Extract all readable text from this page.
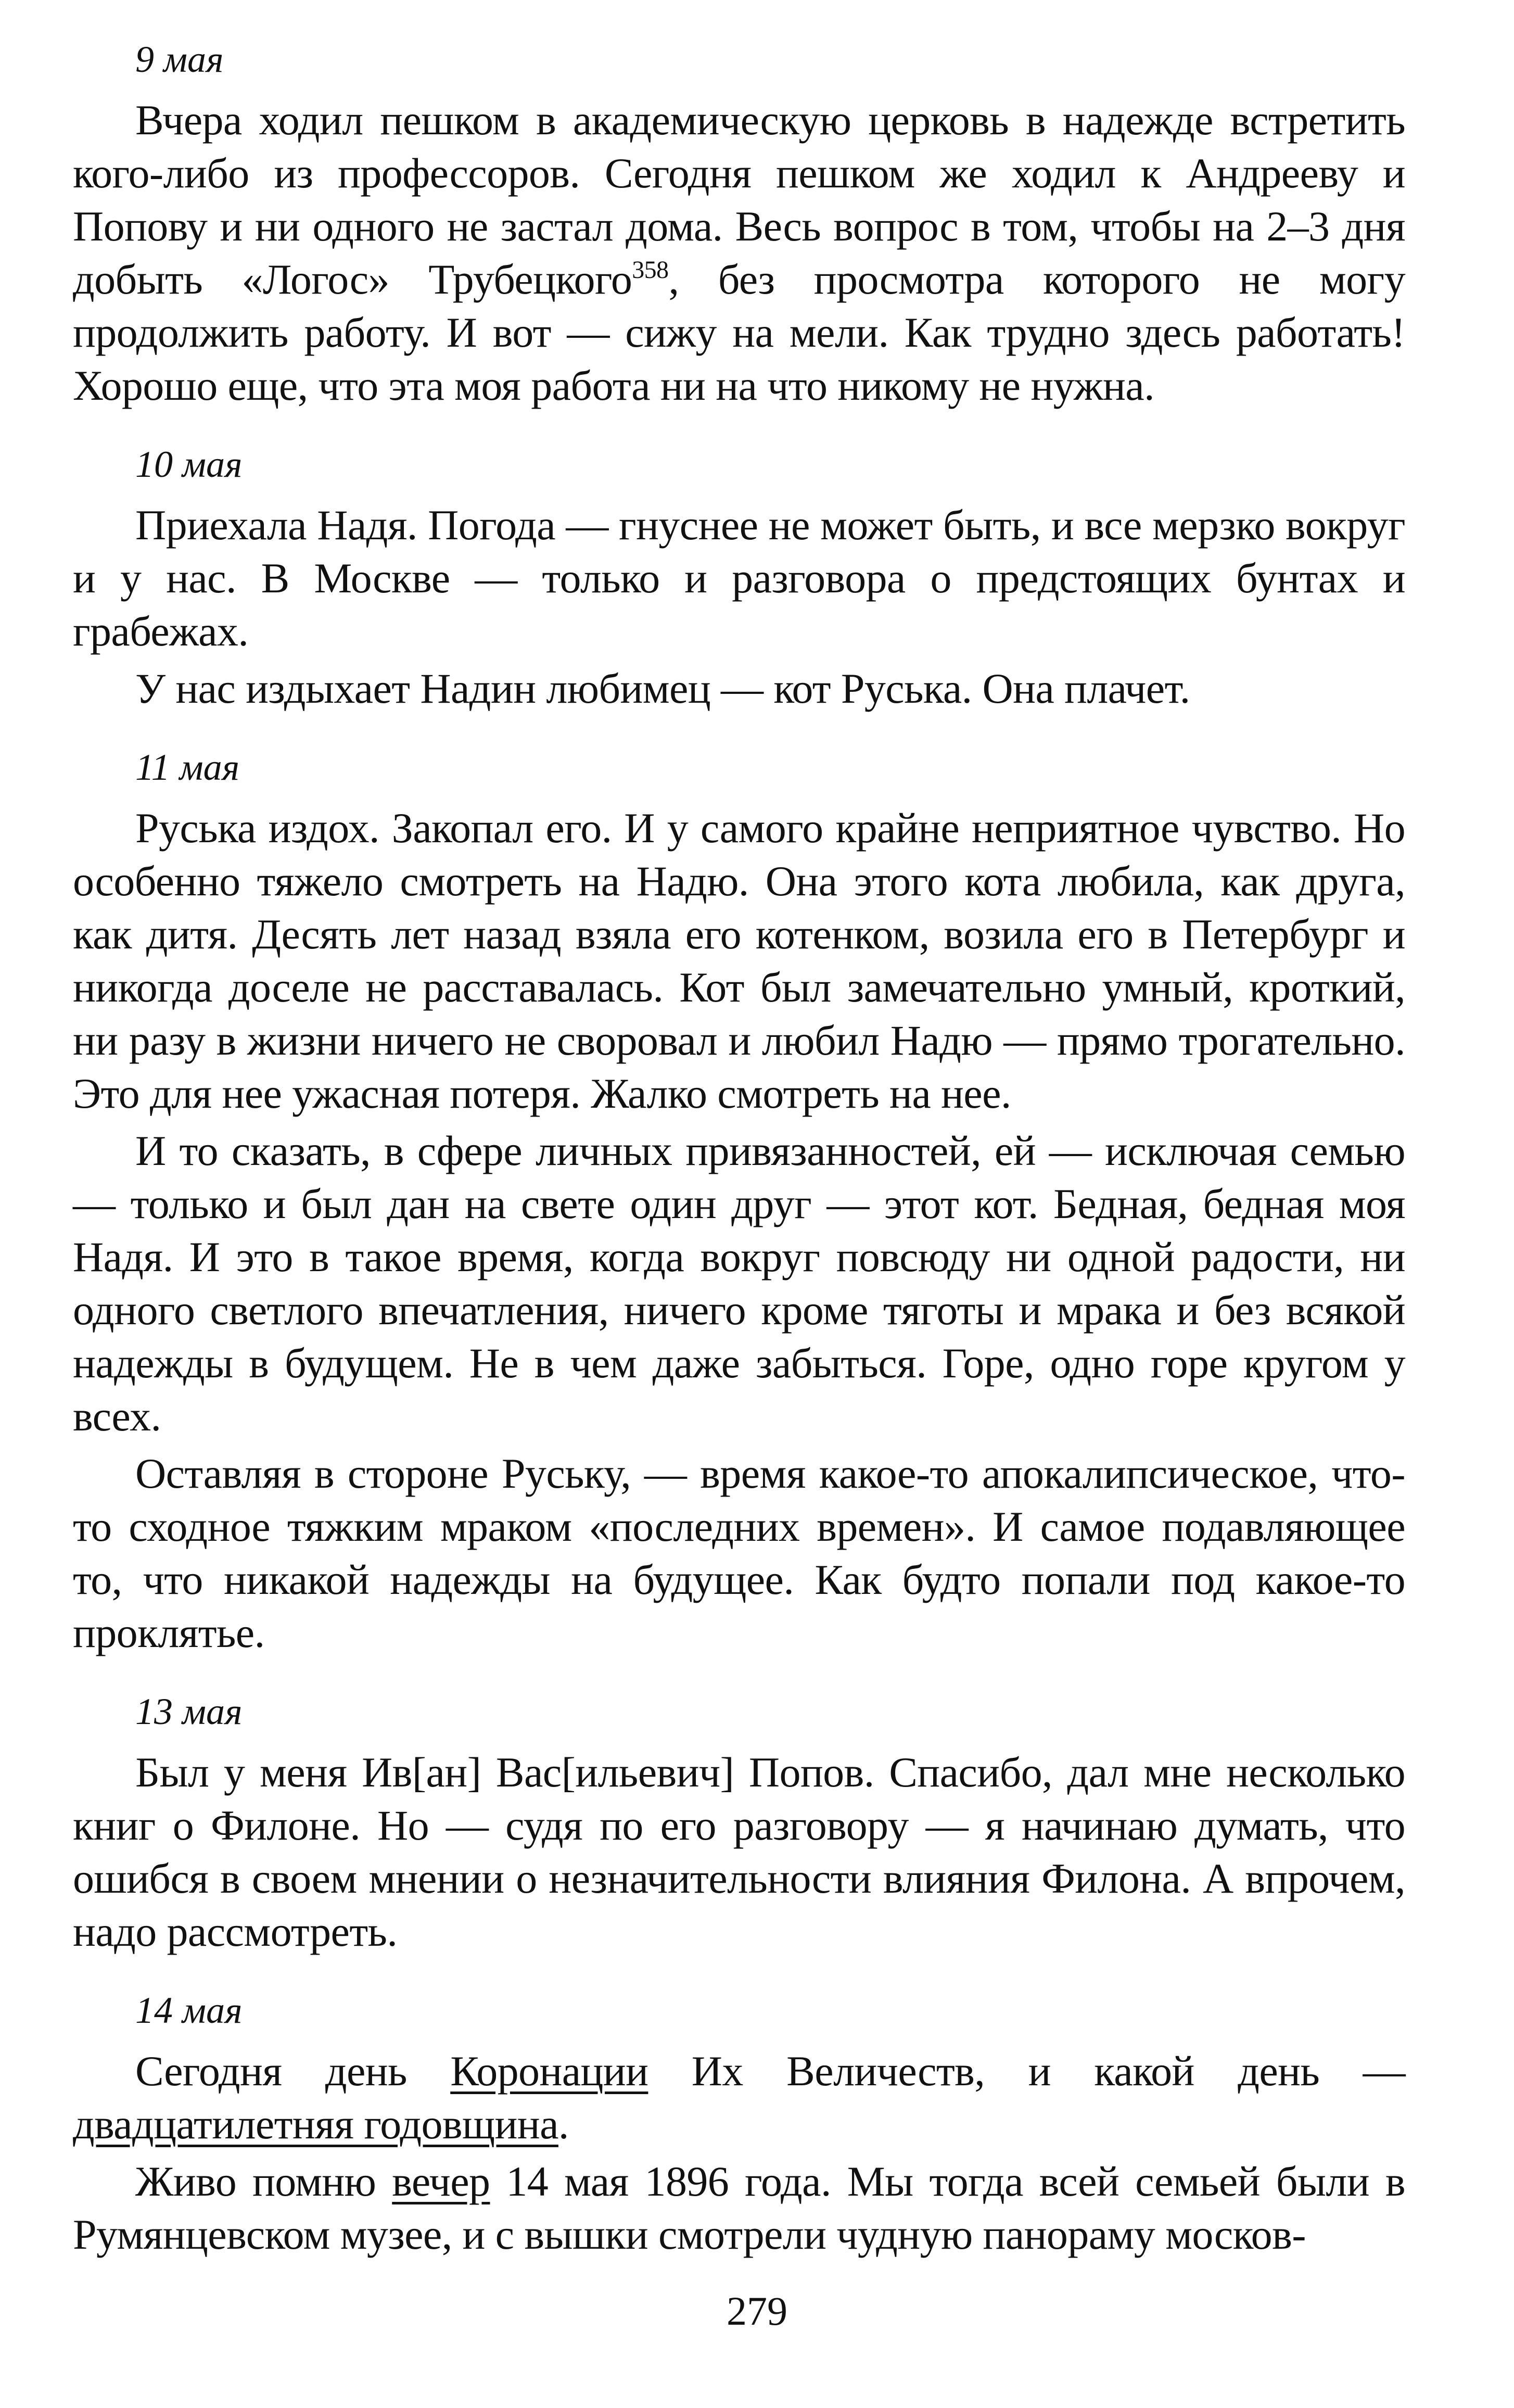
9 мая

Вчера ходил пешком в академическую церковь в надежде встретить кого-либо из профессоров. Сегодня пешком же ходил к Андрееву и Попову и ни одного не застал дома. Весь вопрос в том, чтобы на 2–3 дня добыть «Логос» Трубецкого$^{358}$, без просмотра которого не могу продолжить работу. И вот — сижу на мели. Как трудно здесь работать! Хорошо еще, что эта моя работа ни на что никому не нужна.

10 мая

Приехала Надя. Погода — гнуснее не может быть, и все мерзко вокруг и у нас. В Москве — только и разговора о предстоящих бунтах и грабежах.

У нас издыхает Надин любимец — кот Руська. Она плачет.

11 мая

Руська издох. Закопал его. И у самого крайне неприятное чувство. Но особенно тяжело смотреть на Надю. Она этого кота любила, как друга, как дитя. Десять лет назад взяла его котенком, возила его в Петербург и никогда доселе не расставалась. Кот был замечательно умный, кроткий, ни разу в жизни ничего не своровал и любил Надю — прямо трогательно. Это для нее ужасная потеря. Жалко смотреть на нее.

И то сказать, в сфере личных привязанностей, ей — исключая семью — только и был дан на свете один друг — этот кот. Бедная, бедная моя Надя. И это в такое время, когда вокруг повсюду ни одной радости, ни одного светлого впечатления, ничего кроме тяготы и мрака и без всякой надежды в будущем. Не в чем даже забыться. Горе, одно горе кругом у всех.

Оставляя в стороне Руську, — время какое-то апокалипсическое, что-то сходное тяжким мраком «последних времен». И самое подавляющее то, что никакой надежды на будущее. Как будто попали под какое-то проклятье.

13 мая

Был у меня Ив[ан] Вас[ильевич] Попов. Спасибо, дал мне несколько книг о Филоне. Но — судя по его разговору — я начинаю думать, что ошибся в своем мнении о незначительности влияния Филона. А впрочем, надо рассмотреть.

14 мая

Сегодня день Коронации Их Величеств, и какой день — двадцатилетняя годовщина.

Живо помню вечер 14 мая 1896 года. Мы тогда всей семьей были в Румянцевском музее, и с вышки смотрели чудную панораму москов-

279
